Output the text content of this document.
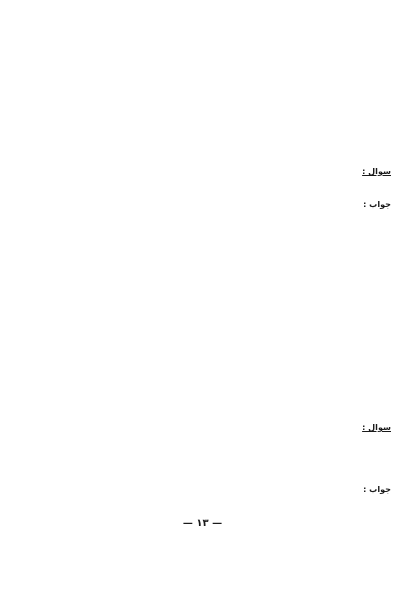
سوال :
جواب :
سوال :
جواب :
— ۱۳ —
